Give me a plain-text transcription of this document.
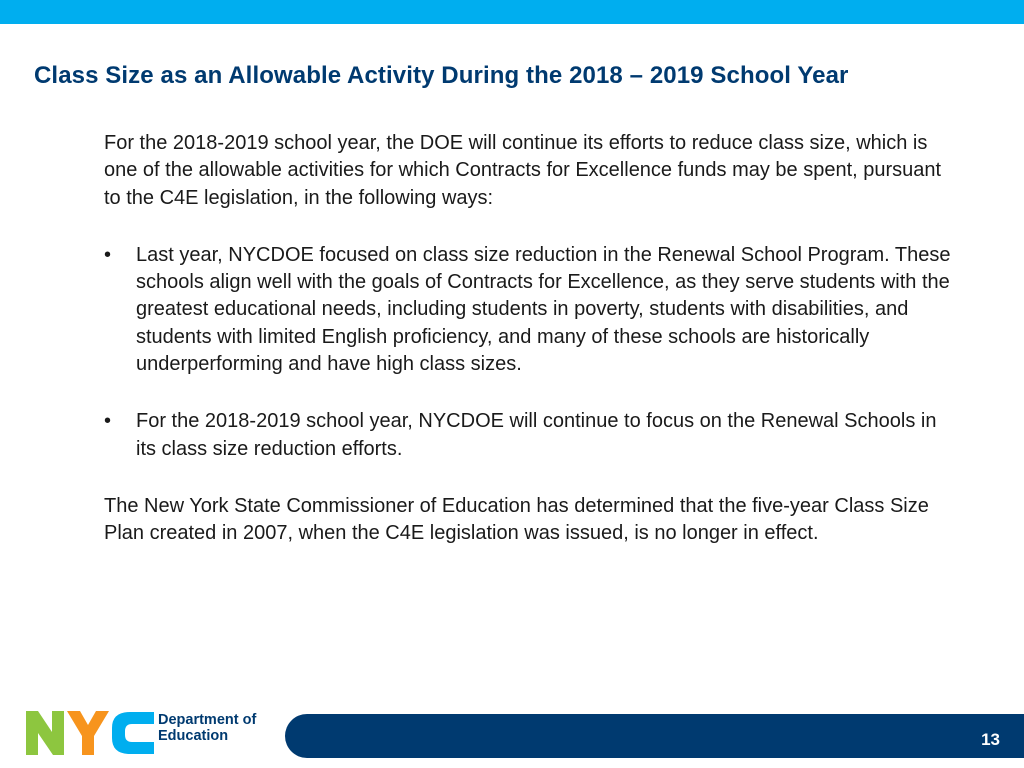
Class Size as an Allowable Activity During the 2018 – 2019 School Year

For the 2018-2019 school year, the DOE will continue its efforts to reduce class size, which is one of the allowable activities for which Contracts for Excellence funds may be spent, pursuant to the C4E legislation, in the following ways:

• Last year, NYCDOE focused on class size reduction in the Renewal School Program. These schools align well with the goals of Contracts for Excellence, as they serve students with the greatest educational needs, including students in poverty, students with disabilities, and students with limited English proficiency, and many of these schools are historically underperforming and have high class sizes.

• For the 2018-2019 school year, NYCDOE will continue to focus on the Renewal Schools in its class size reduction efforts.

The New York State Commissioner of Education has determined that the five-year Class Size Plan created in 2007, when the C4E legislation was issued, is no longer in effect.

Department of
Education	13
